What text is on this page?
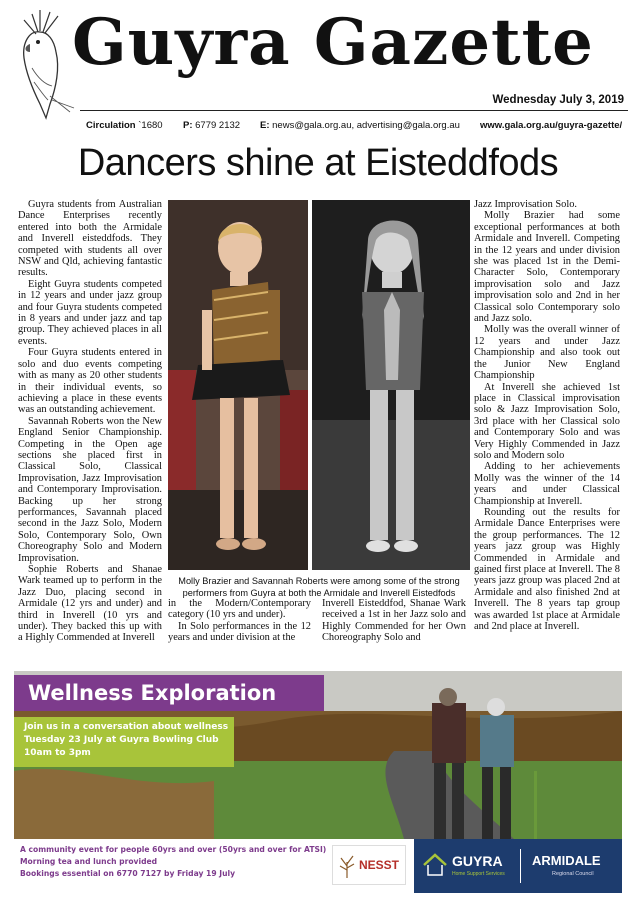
Guyra Gazette
Wednesday July 3, 2019
Circulation `1680 P: 6779 2132 E: news@gala.org.au, advertising@gala.org.au www.gala.org.au/guyra-gazette/
Dancers shine at Eisteddfods

Guyra students from Australian Dance Enterprises recently entered into both the Armidale and Inverell eisteddfods. They competed with students all over NSW and Qld, achieving fantastic results.

Eight Guyra students competed in 12 years and under jazz group and four Guyra students competed in 8 years and under jazz and tap group. They achieved places in all events.

Four Guyra students entered in solo and duo events competing with as many as 20 other students in their individual events, so achieving a place in these events was an outstanding achievement.

Savannah Roberts won the New England Senior Championship. Competing in the Open age sections she placed first in Classical Solo, Classical Improvisation, Jazz Improvisation and Contemporary Improvisation. Backing up her strong performances, Savannah placed second in the Jazz Solo, Modern Solo, Contemporary Solo, Own Choreography Solo and Modern Improvisation.

Sophie Roberts and Shanae Wark teamed up to perform in the Jazz Duo, placing second in Armidale (12 yrs and under) and third in Inverell (10 yrs and under). They backed this up with a Highly Commended at Inverell

Molly Brazier and Savannah Roberts were among some of the strong performers from Guyra at both the Armidale and Inverell Eistedfods

in the Modern/Contemporary category (10 yrs and under).

In Solo performances in the 12 years and under division at the

Inverell Eisteddfod, Shanae Wark received a 1st in her Jazz solo and Highly Commended for her Own Choreography Solo and

Jazz Improvisation Solo.

Molly Brazier had some exceptional performances at both Armidale and Inverell. Competing in the 12 years and under division she was placed 1st in the Demi-Character Solo, Contemporary improvisation solo and Jazz improvisation solo and 2nd in her Classical solo Contemporary solo and Jazz solo.

Molly was the overall winner of 12 years and under Jazz Championship and also took out the Junior New England Championship

At Inverell she achieved 1st place in Classical improvisation solo & Jazz Improvisation Solo, 3rd place with her Classical solo and Contemporary Solo and was Very Highly Commended in Jazz solo and Modern solo

Adding to her achievements Molly was the winner of the 14 years and under Classical Championship at Inverell.

Rounding out the results for Armidale Dance Enterprises were the group performances. The 12 years jazz group was Highly Commended in Armidale and gained first place at Inverell. The 8 years jazz group was placed 2nd at Armidale and also finished 2nd at Inverell. The 8 years tap group was awarded 1st place at Armidale and 2nd place at Inverell.

Wellness Exploration
Join us in a conversation about wellness
Tuesday 23 July at Guyra Bowling Club
10am to 3pm
A community event for people 60yrs and over (50yrs and over for ATSI)
Morning tea and lunch provided
Bookings essential on 6770 7127 by Friday 19 July
NESST	GUYRA
Home Support Services
ARMIDALE
Regional Council
